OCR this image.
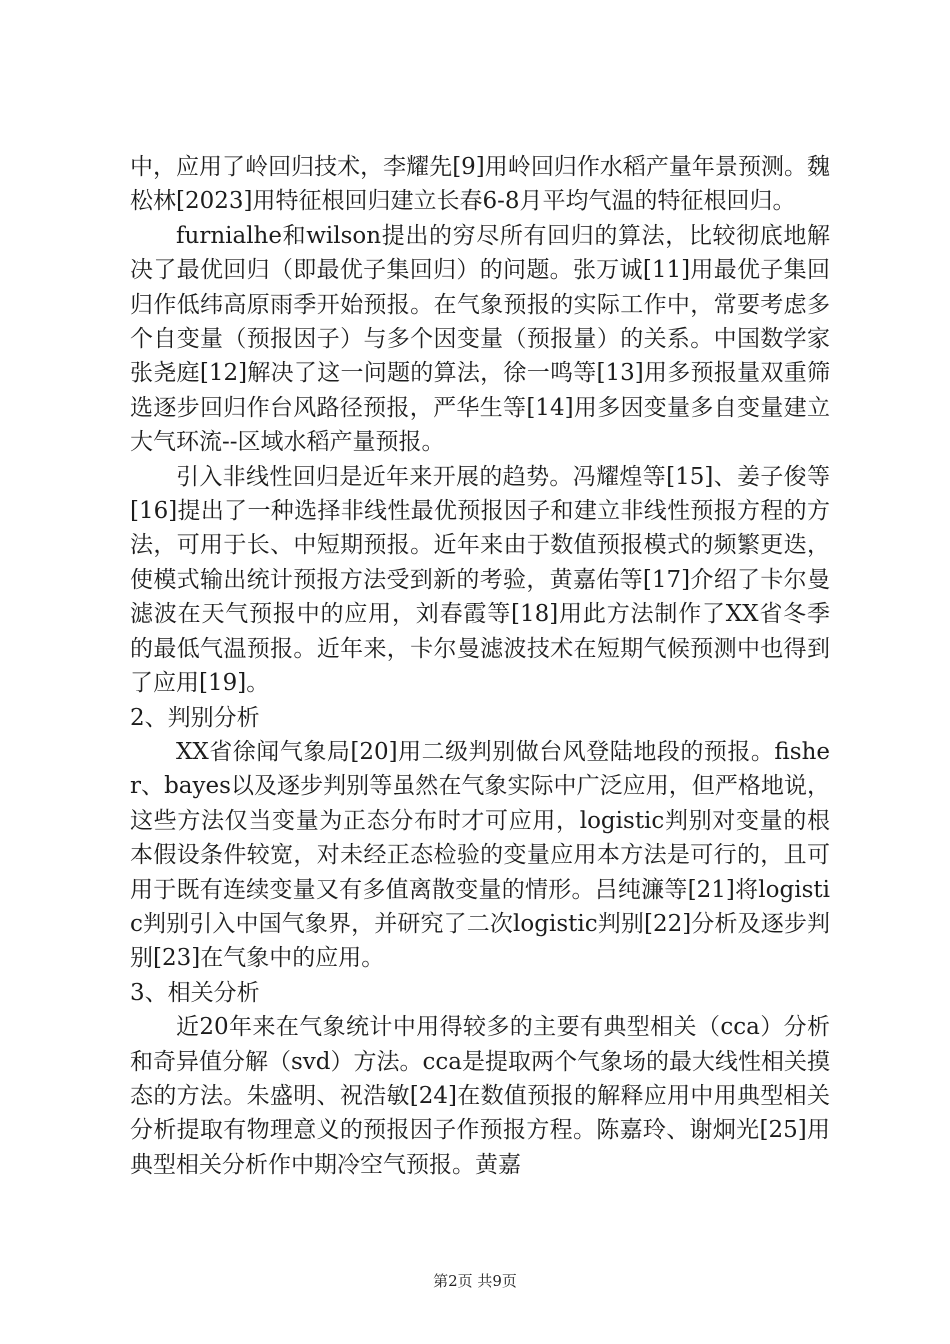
中，应用了岭回归技术，李耀先[9]用岭回归作水稻产量年景预测。魏松林[2023]用特征根回归建立长春6-8月平均气温的特征根回归。

furnialhe和wilson提出的穷尽所有回归的算法，比较彻底地解决了最优回归（即最优子集回归）的问题。张万诚[11]用最优子集回归作低纬高原雨季开始预报。在气象预报的实际工作中，常要考虑多个自变量（预报因子）与多个因变量（预报量）的关系。中国数学家张尧庭[12]解决了这一问题的算法，徐一鸣等[13]用多预报量双重筛选逐步回归作台风路径预报，严华生等[14]用多因变量多自变量建立大气环流--区域水稻产量预报。

引入非线性回归是近年来开展的趋势。冯耀煌等[15]、姜子俊等[16]提出了一种选择非线性最优预报因子和建立非线性预报方程的方法，可用于长、中短期预报。近年来由于数值预报模式的频繁更迭，使模式输出统计预报方法受到新的考验，黄嘉佑等[17]介绍了卡尔曼滤波在天气预报中的应用，刘春霞等[18]用此方法制作了XX省冬季的最低气温预报。近年来，卡尔曼滤波技术在短期气候预测中也得到了应用[19]。

2、判别分析

XX省徐闻气象局[20]用二级判别做台风登陆地段的预报。fisher、bayes以及逐步判别等虽然在气象实际中广泛应用，但严格地说，这些方法仅当变量为正态分布时才可应用，logistic判别对变量的根本假设条件较宽，对未经正态检验的变量应用本方法是可行的，且可用于既有连续变量又有多值离散变量的情形。吕纯濂等[21]将logistic判别引入中国气象界，并研究了二次logistic判别[22]分析及逐步判别[23]在气象中的应用。

3、相关分析

近20年来在气象统计中用得较多的主要有典型相关（cca）分析和奇异值分解（svd）方法。cca是提取两个气象场的最大线性相关摸态的方法。朱盛明、祝浩敏[24]在数值预报的解释应用中用典型相关分析提取有物理意义的预报因子作预报方程。陈嘉玲、谢炯光[25]用典型相关分析作中期冷空气预报。黄嘉

第2页 共9页
